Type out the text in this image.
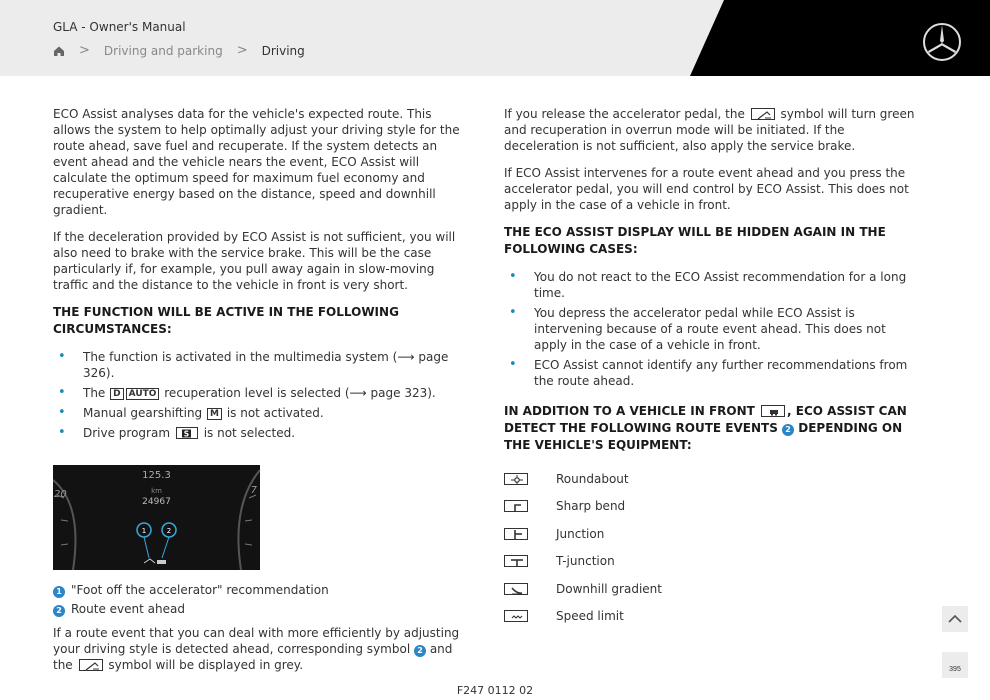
GLA - Owner's Manual
> Driving and parking > Driving

ECO Assist analyses data for the vehicle's expected route. This allows the system to help optimally adjust your driving style for the route ahead, save fuel and recuperate. If the system detects an event ahead and the vehicle nears the event, ECO Assist will calculate the optimum speed for maximum fuel economy and recuperative energy based on the distance, speed and downhill gradient.

If the deceleration provided by ECO Assist is not sufficient, you will also need to brake with the service brake. This will be the case particularly if, for example, you pull away again in slow-moving traffic and the distance to the vehicle in front is very short.

THE FUNCTION WILL BE ACTIVE IN THE FOLLOWING CIRCUMSTANCES:
• The function is activated in the multimedia system (⟶ page 326).
• The D AUTO recuperation level is selected (⟶ page 323).
• Manual gearshifting M is not activated.
• Drive program S is not selected.
1	2
125.3
km
24967
20	7
1 "Foot off the accelerator" recommendation
2 Route event ahead

If a route event that you can deal with more efficiently by adjusting your driving style is detected ahead, corresponding symbol 2 and the	symbol will be displayed in grey.

If you release the accelerator pedal, the	symbol will turn green and recuperation in overrun mode will be initiated. If the deceleration is not sufficient, also apply the service brake.

If ECO Assist intervenes for a route event ahead and you press the accelerator pedal, you will end control by ECO Assist. This does not apply in the case of a vehicle in front.

THE ECO ASSIST DISPLAY WILL BE HIDDEN AGAIN IN THE FOLLOWING CASES:
• You do not react to the ECO Assist recommendation for a long time.
• You depress the accelerator pedal while ECO Assist is intervening because of a route event ahead. This does not apply in the case of a vehicle in front.
• ECO Assist cannot identify any further recommendations from the route ahead.
IN ADDITION TO A VEHICLE IN FRONT	, ECO ASSIST CAN DETECT THE FOLLOWING ROUTE EVENTS 2 DEPENDING ON THE VEHICLE'S EQUIPMENT:
Roundabout
Sharp bend
Junction
T-junction
Downhill gradient
Speed limit
F247 0112 02
395
